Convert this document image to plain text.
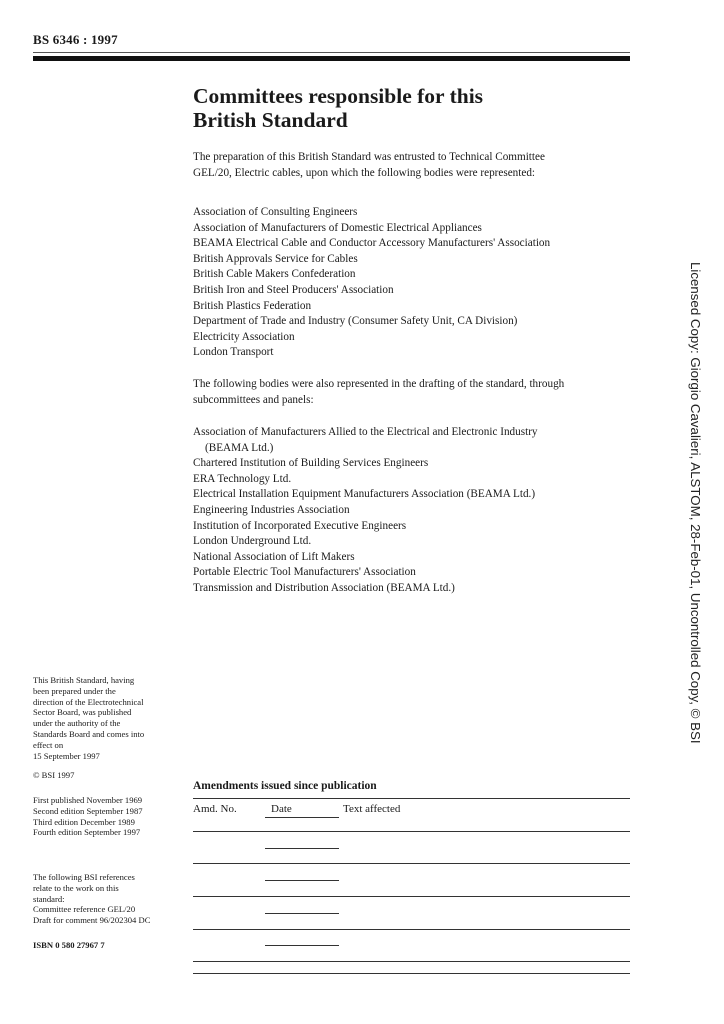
BS 6346 : 1997
Committees responsible for this
British Standard

The preparation of this British Standard was entrusted to Technical Committee
GEL/20, Electric cables, upon which the following bodies were represented:

Association of Consulting Engineers
Association of Manufacturers of Domestic Electrical Appliances
BEAMA Electrical Cable and Conductor Accessory Manufacturers' Association
British Approvals Service for Cables
British Cable Makers Confederation
British Iron and Steel Producers' Association
British Plastics Federation
Department of Trade and Industry (Consumer Safety Unit, CA Division)
Electricity Association
London Transport

The following bodies were also represented in the drafting of the standard, through
subcommittees and panels:

Association of Manufacturers Allied to the Electrical and Electronic Industry
(BEAMA Ltd.)
Chartered Institution of Building Services Engineers
ERA Technology Ltd.
Electrical Installation Equipment Manufacturers Association (BEAMA Ltd.)
Engineering Industries Association
Institution of Incorporated Executive Engineers
London Underground Ltd.
National Association of Lift Makers
Portable Electric Tool Manufacturers' Association
Transmission and Distribution Association (BEAMA Ltd.)
This British Standard, having
been prepared under the
direction of the Electrotechnical
Sector Board, was published
under the authority of the
Standards Board and comes into
effect on
15 September 1997
© BSI 1997
First published November 1969
Second edition September 1987
Third edition December 1989
Fourth edition September 1997
The following BSI references
relate to the work on this
standard:
Committee reference GEL/20
Draft for comment 96/202304 DC
ISBN 0 580 27967 7
Amendments issued since publication
Amd. No.	Date	Text affected
Licensed Copy: Giorgio Cavalieri, ALSTOM, 28-Feb-01, Uncontrolled Copy, © BSI
